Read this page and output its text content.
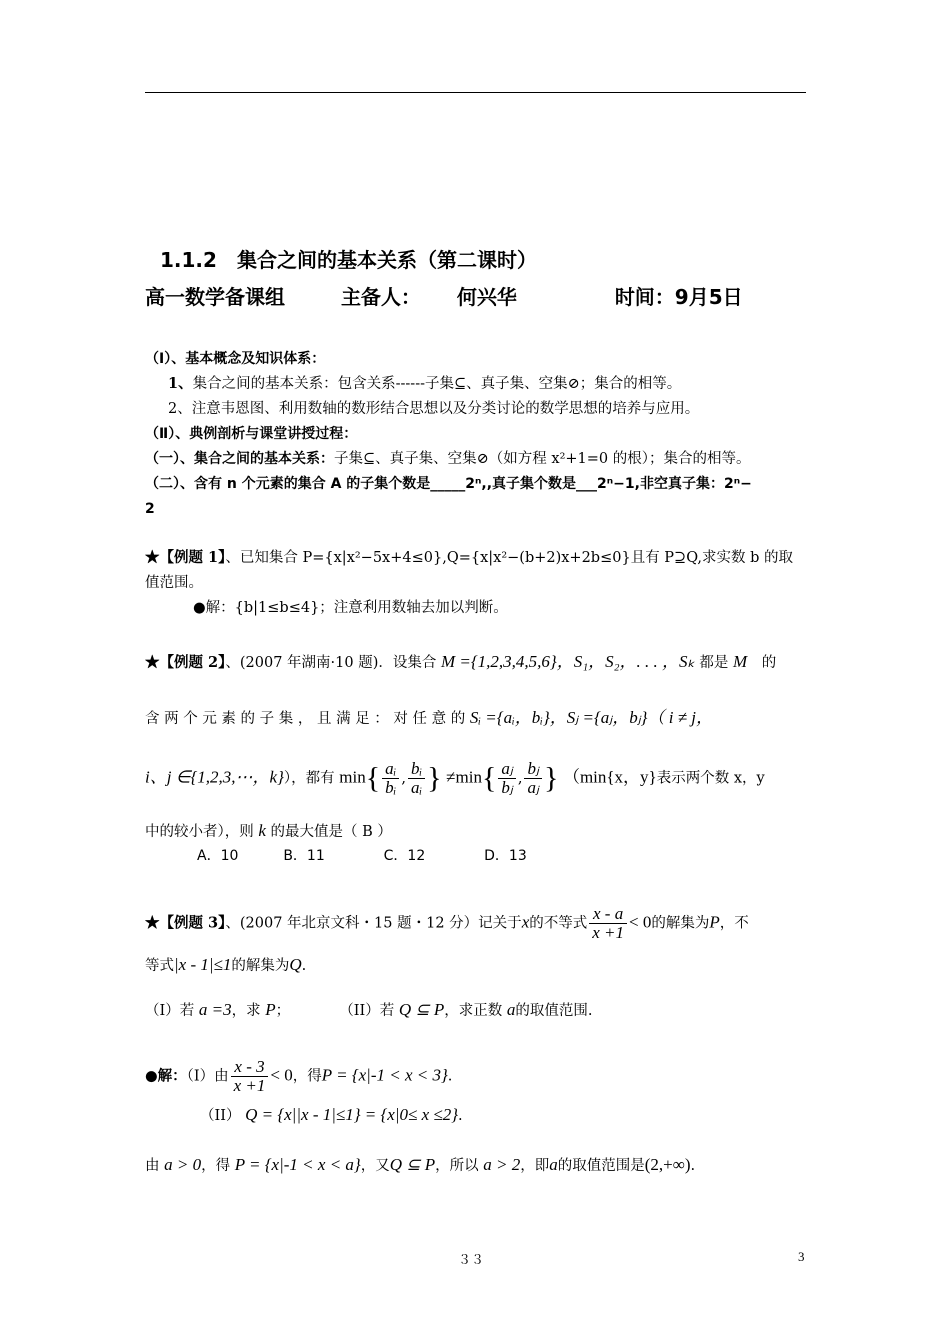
1.1.2　集合之间的基本关系（第二课时）
高一数学备课组	主备人： 何兴华	时间：9月5日
（Ⅰ）、基本概念及知识体系：
1、集合之间的基本关系：包含关系------子集⊆、真子集、空集⊘；集合的相等。
2、注意韦恩图、利用数轴的数形结合思想以及分类讨论的数学思想的培养与应用。
（Ⅱ）、典例剖析与课堂讲授过程：
（一）、集合之间的基本关系：子集⊆、真子集、空集⊘（如方程 x²+1=0 的根）；集合的相等。
（二）、含有 n 个元素的集合 A 的子集个数是_____2ⁿ,,真子集个数是___2ⁿ−1,非空真子集：2ⁿ−
2
★【例题 1】、已知集合 P={x|x²−5x+4≤0},Q={x|x²−(b+2)x+2b≤0}且有 P⊇Q,求实数 b 的取
值范围。
●解：{b|1≤b≤4}；注意利用数轴去加以判断。
★【例题 2】、(2007 年湖南·10 题)．设集合 M ={1,2,3,4,5,6}，S₁，S₂，. . . ，Sₖ 都是 M 的
含 两 个 元 素 的 子 集 ， 且 满 足 ： 对 任 意 的 Sᵢ ={aᵢ，bᵢ}，Sⱼ ={aⱼ，bⱼ}（ i ≠ j，
i、j ∈{1,2,3,⋯，k}），都有 $\min\{ \frac{\text{aᵢ}}{\text{bᵢ}}$ , $\frac{\text{bᵢ}}{\text{aᵢ}}$ } $\ne\min\{ \frac{\text{aⱼ}}{\text{bⱼ}}$ , $\frac{\text{bⱼ}}{\text{aⱼ}}$ } （min{x，y}表示两个数 x，y
中的较小者），则 k 的最大值是（ B ）
A．10	B．11	C．12	D．13
★【例题 3】、(2007 年北京文科・15 题・12 分）记关于x的不等式 $\frac{x - a}{x +1} < 0$的解集为P，不
等式|x - 1|≤1的解集为Q.
（I）若 a =3，求 P；	（II）若 Q ⊆ P，求正数 a的取值范围.
●解：（I）由 $\frac{x - 3}{x +1} < 0$，得P = {x|-1 < x < 3}.
（II） Q = {x||x - 1|≤1} = {x|0≤ x ≤2}.
由 a > 0，得 P = {x|-1 < x < a}，又Q ⊆ P，所以 a > 2，即a的取值范围是(2,+∞).
３３	3
